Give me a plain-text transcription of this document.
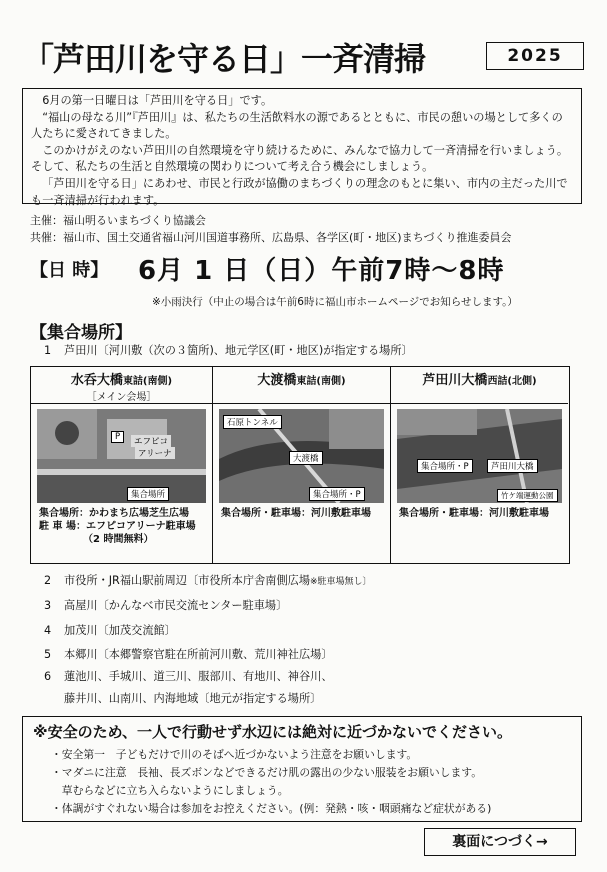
「芦田川を守る日」一斉清掃	2025

6月の第一日曜日は「芦田川を守る日」です。

“福山の母なる川”『芦田川』は、私たちの生活飲料水の源であるとともに、市民の憩いの場として多くの人たちに愛されてきました。

このかけがえのない芦田川の自然環境を守り続けるために、みんなで協力して一斉清掃を行いましょう。そして、私たちの生活と自然環境の関わりについて考え合う機会にしましょう。

「芦田川を守る日」にあわせ、市民と行政が協働のまちづくりの理念のもとに集い、市内の主だった川でも一斉清掃が行われます。

主催：福山明るいまちづくり協議会
共催：福山市、国土交通省福山河川国道事務所、広島県、各学区(町・地区)まちづくり推進委員会
【日 時】 6月 1 日（日）午前7時～8時
※小雨決行（中止の場合は午前6時に福山市ホームページでお知らせします。）
【集合場所】
1 芦田川〔河川敷（次の３箇所)、地元学区(町・地区)が指定する場所〕
水呑大橋東詰(南側)
［メイン会場］
P	エフピコ
アリーナ
集合場所
集合場所：かわまち広場芝生広場
駐 車 場：エフピコアリーナ駐車場
（2 時間無料）
大渡橋東詰(南側)
石原トンネル
大渡橋
集合場所・P
集合場所・駐車場：河川敷駐車場
芦田川大橋西詰(北側)
集合場所・P	芦田川大橋
竹ケ端運動公園
集合場所・駐車場：河川敷駐車場
2 市役所・JR福山駅前周辺〔市役所本庁舎南側広場※駐車場無し〕
3 高屋川〔かんなべ市民交流センター駐車場〕
4 加茂川〔加茂交流館〕
5 本郷川〔本郷警察官駐在所前河川敷、荒川神社広場〕
6 蓮池川、手城川、道三川、服部川、有地川、神谷川、
藤井川、山南川、内海地域〔地元が指定する場所〕
※安全のため、一人で行動せず水辺には絶対に近づかないでください。
・安全第一　子どもだけで川のそばへ近づかないよう注意をお願いします。
・マダニに注意　長袖、長ズボンなどできるだけ肌の露出の少ない服装をお願いします。
　草むらなどに立ち入らないようにしましょう。
・体調がすぐれない場合は参加をお控えください。(例：発熱・咳・咽頭痛など症状がある)
裏面につづく→
